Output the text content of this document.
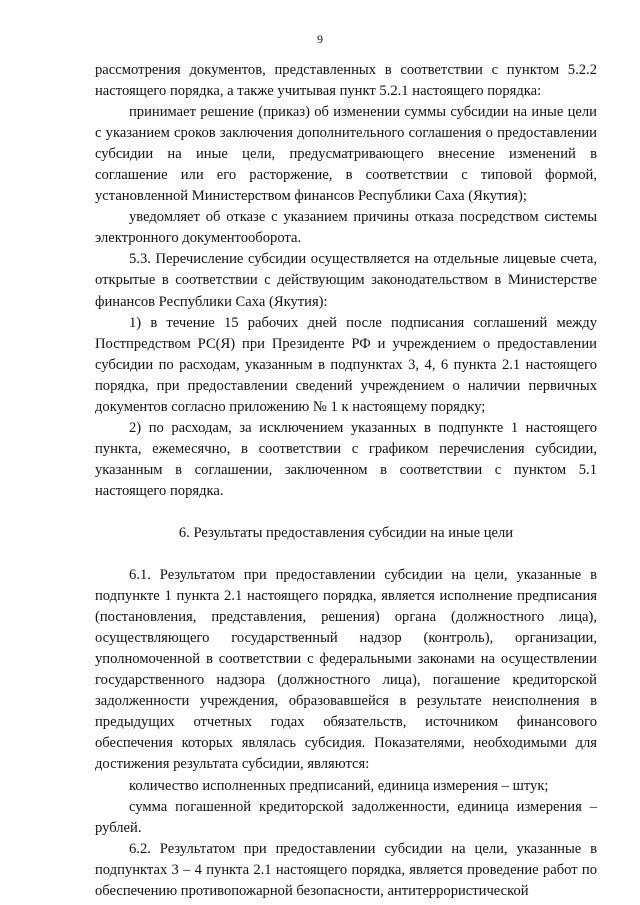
9

рассмотрения документов, представленных в соответствии с пунктом 5.2.2 настоящего порядка, а также учитывая пункт 5.2.1 настоящего порядка:

принимает решение (приказ) об изменении суммы субсидии на иные цели с указанием сроков заключения дополнительного соглашения о предоставлении субсидии на иные цели, предусматривающего внесение изменений в соглашение или его расторжение, в соответствии с типовой формой, установленной Министерством финансов Республики Саха (Якутия);

уведомляет об отказе с указанием причины отказа посредством системы электронного документооборота.

5.3. Перечисление субсидии осуществляется на отдельные лицевые счета, открытые в соответствии с действующим законодательством в Министерстве финансов Республики Саха (Якутия):

1) в течение 15 рабочих дней после подписания соглашений между Постпредством РС(Я) при Президенте РФ и учреждением о предоставлении субсидии по расходам, указанным в подпунктах 3, 4, 6 пункта 2.1 настоящего порядка, при предоставлении сведений учреждением о наличии первичных документов согласно приложению № 1 к настоящему порядку;

2) по расходам, за исключением указанных в подпункте 1 настоящего пункта, ежемесячно, в соответствии с графиком перечисления субсидии, указанным в соглашении, заключенном в соответствии с пунктом 5.1 настоящего порядка.

6. Результаты предоставления субсидии на иные цели

6.1. Результатом при предоставлении субсидии на цели, указанные в подпункте 1 пункта 2.1 настоящего порядка, является исполнение предписания (постановления, представления, решения) органа (должностного лица), осуществляющего государственный надзор (контроль), организации, уполномоченной в соответствии с федеральными законами на осуществлении государственного надзора (должностного лица), погашение кредиторской задолженности учреждения, образовавшейся в результате неисполнения в предыдущих отчетных годах обязательств, источником финансового обеспечения которых являлась субсидия. Показателями, необходимыми для достижения результата субсидии, являются:

количество исполненных предписаний, единица измерения – штук;

сумма погашенной кредиторской задолженности, единица измерения – рублей.

6.2. Результатом при предоставлении субсидии на цели, указанные в подпунктах 3 – 4 пункта 2.1 настоящего порядка, является проведение работ по обеспечению противопожарной безопасности, антитеррористической
